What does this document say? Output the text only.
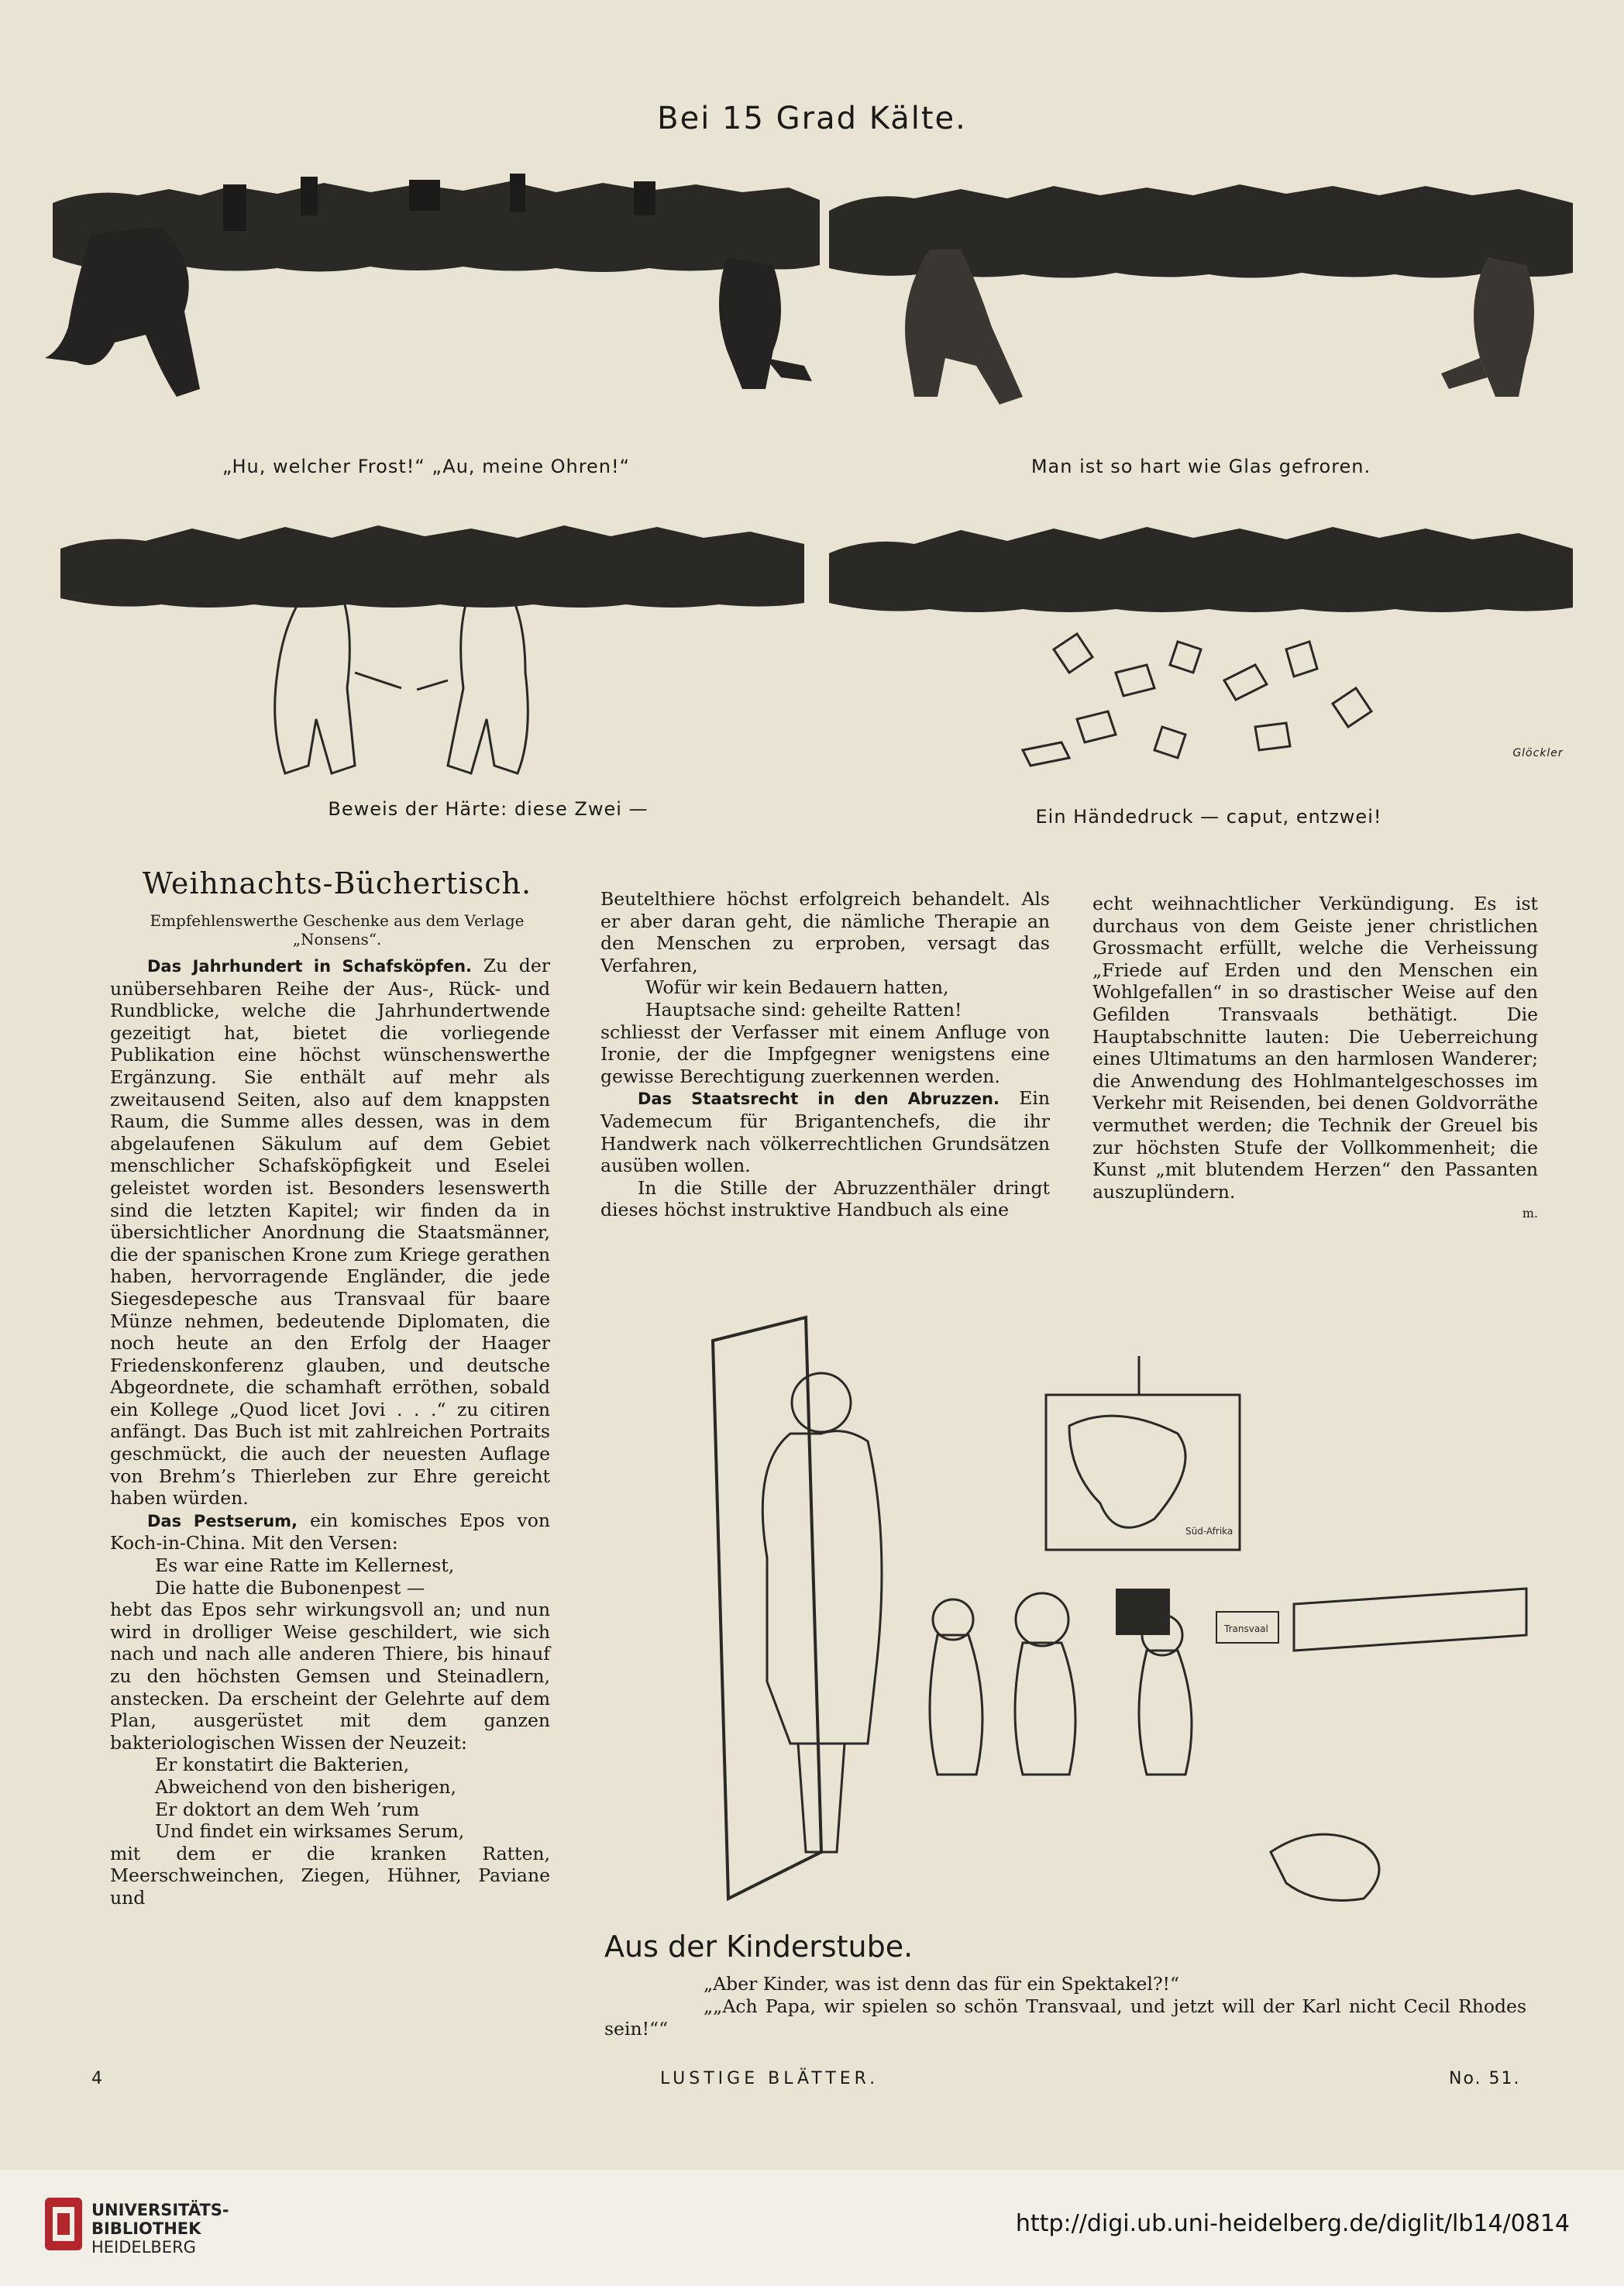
Bei 15 Grad Kälte.
„Hu, welcher Frost!“ „Au, meine Ohren!“	Man ist so hart wie Glas gefroren.
Beweis der Härte: diese Zwei —	Ein Händedruck — caput, entzwei!
Glöckler
Weihnachts-Büchertisch.
Empfehlenswerthe Geschenke aus dem Verlage „Nonsens“.

Das Jahrhundert in Schafsköpfen. Zu der unübersehbaren Reihe der Aus-, Rück- und Rundblicke, welche die Jahrhundertwende gezeitigt hat, bietet die vorliegende Publikation eine höchst wünschenswerthe Ergänzung. Sie enthält auf mehr als zweitausend Seiten, also auf dem knappsten Raum, die Summe alles dessen, was in dem abgelaufenen Säkulum auf dem Gebiet menschlicher Schafsköpfigkeit und Eselei geleistet worden ist. Besonders lesenswerth sind die letzten Kapitel; wir finden da in übersichtlicher Anordnung die Staatsmänner, die der spanischen Krone zum Kriege gerathen haben, hervorragende Engländer, die jede Siegesdepesche aus Transvaal für baare Münze nehmen, bedeutende Diplomaten, die noch heute an den Erfolg der Haager Friedenskonferenz glauben, und deutsche Abgeordnete, die schamhaft erröthen, sobald ein Kollege „Quod licet Jovi . . .“ zu citiren anfängt. Das Buch ist mit zahlreichen Portraits geschmückt, die auch der neuesten Auflage von Brehm’s Thierleben zur Ehre gereicht haben würden.

Das Pestserum, ein komisches Epos von Koch-in-China. Mit den Versen:

Es war eine Ratte im Kellernest,

Die hatte die Bubonenpest —

hebt das Epos sehr wirkungsvoll an; und nun wird in drolliger Weise geschildert, wie sich nach und nach alle anderen Thiere, bis hinauf zu den höchsten Gemsen und Steinadlern, anstecken. Da erscheint der Gelehrte auf dem Plan, ausgerüstet mit dem ganzen bakteriologischen Wissen der Neuzeit:

Er konstatirt die Bakterien,

Abweichend von den bisherigen,

Er doktort an dem Weh ’rum

Und findet ein wirksames Serum,

mit dem er die kranken Ratten, Meerschweinchen, Ziegen, Hühner, Paviane und

Beutelthiere höchst erfolgreich behandelt. Als er aber daran geht, die nämliche Therapie an den Menschen zu erproben, versagt das Verfahren,

Wofür wir kein Bedauern hatten,

Hauptsache sind: geheilte Ratten!

schliesst der Verfasser mit einem Anfluge von Ironie, der die Impfgegner wenigstens eine gewisse Berechtigung zuerkennen werden.

Das Staatsrecht in den Abruzzen. Ein Vademecum für Brigantenchefs, die ihr Handwerk nach völkerrechtlichen Grundsätzen ausüben wollen.

In die Stille der Abruzzenthäler dringt dieses höchst instruktive Handbuch als eine

echt weihnachtlicher Verkündigung. Es ist durchaus von dem Geiste jener christlichen Grossmacht erfüllt, welche die Verheissung „Friede auf Erden und den Menschen ein Wohlgefallen“ in so drastischer Weise auf den Gefilden Transvaals bethätigt. Die Hauptabschnitte lauten: Die Ueberreichung eines Ultimatums an den harmlosen Wanderer; die Anwendung des Hohlmantelgeschosses im Verkehr mit Reisenden, bei denen Goldvorräthe vermuthet werden; die Technik der Greuel bis zur höchsten Stufe der Vollkommenheit; die Kunst „mit blutendem Herzen“ den Passanten auszuplündern.

m.

Süd-Afrika
Transvaal
Aus der Kinderstube.

„Aber Kinder, was ist denn das für ein Spektakel?!“

„„Ach Papa, wir spielen so schön Transvaal, und jetzt will der Karl nicht Cecil Rhodes sein!““

4	LUSTIGE BLÄTTER.	No. 51.
UNIVERSITÄTS-
BIBLIOTHEK
HEIDELBERG
http://digi.ub.uni-heidelberg.de/diglit/lb14/0814
